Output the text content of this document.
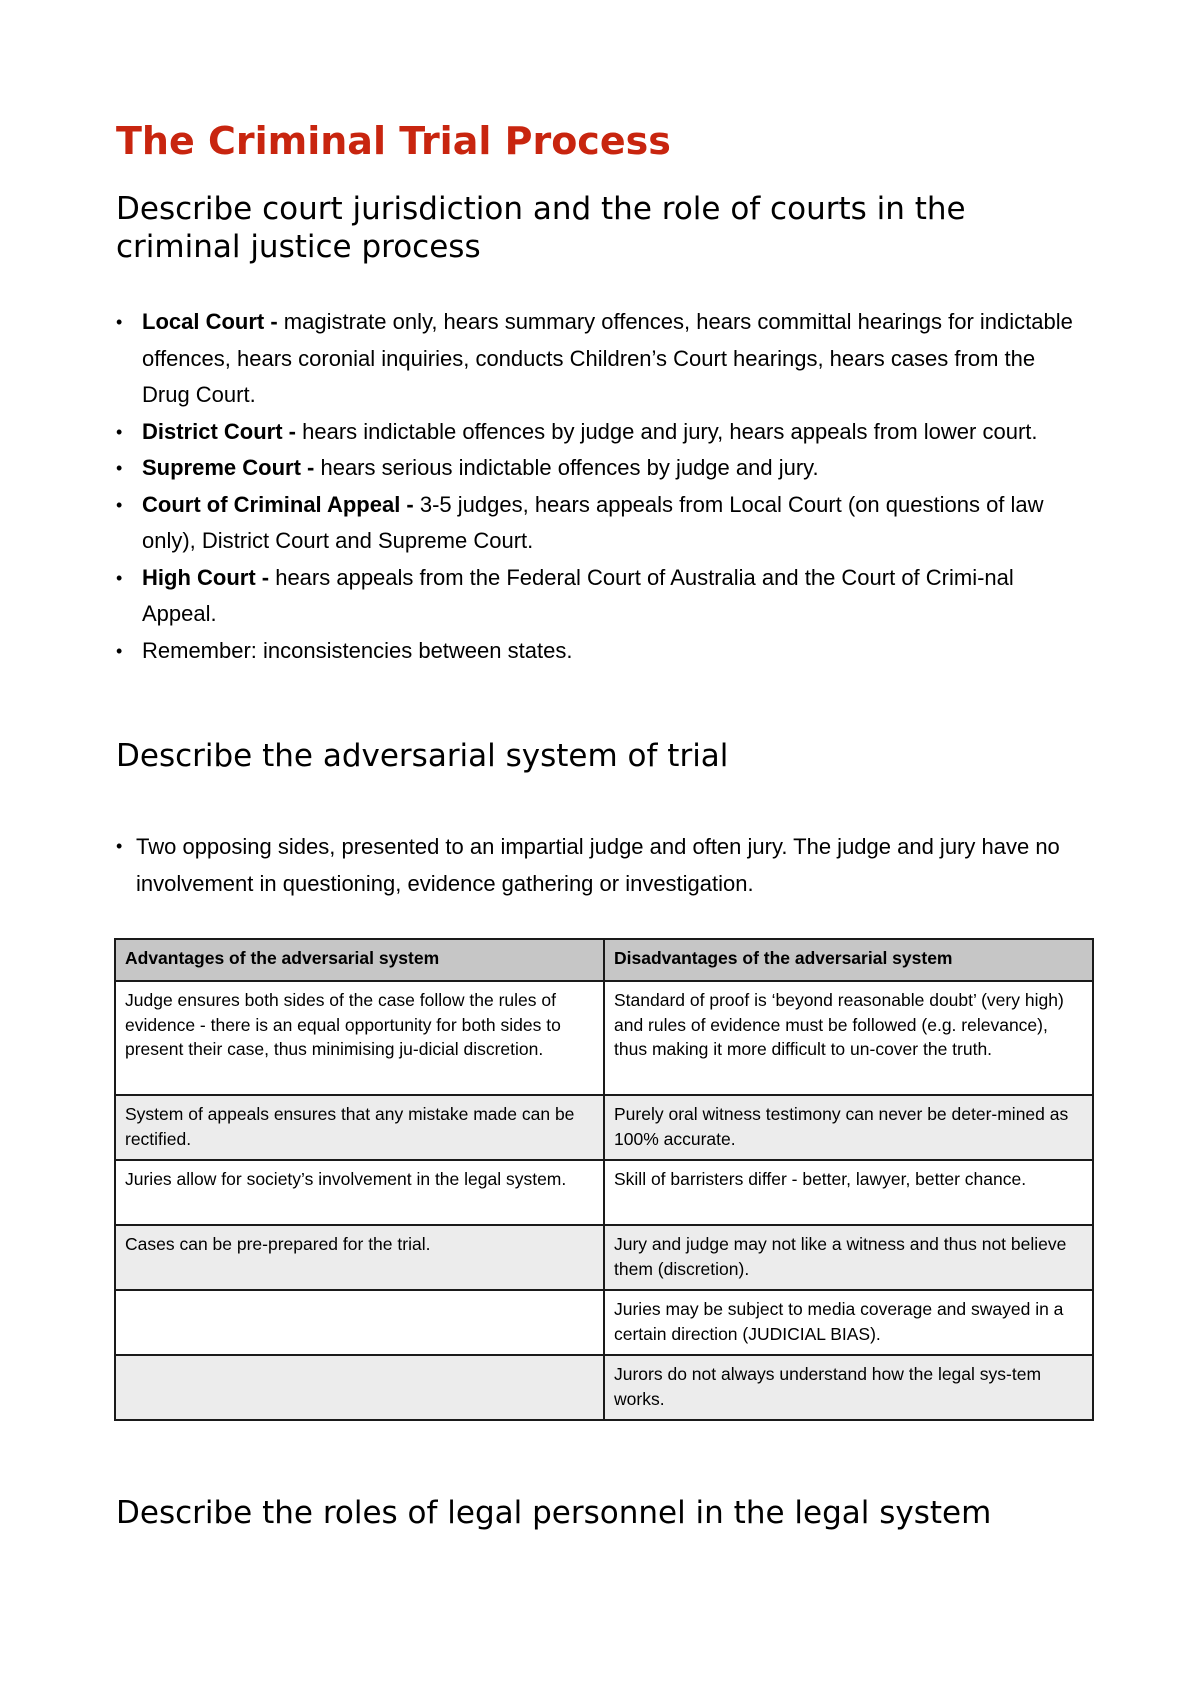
The Criminal Trial Process
Describe court jurisdiction and the role of courts in the criminal justice process
• Local Court - magistrate only, hears summary offences, hears committal hearings for indictable offences, hears coronial inquiries, conducts Children’s Court hearings, hears cases from the Drug Court.
• District Court - hears indictable offences by judge and jury, hears appeals from lower court.
• Supreme Court - hears serious indictable offences by judge and jury.
• Court of Criminal Appeal - 3-5 judges, hears appeals from Local Court (on questions of law only), District Court and Supreme Court.
• High Court - hears appeals from the Federal Court of Australia and the Court of Crimi-nal Appeal.
• Remember: inconsistencies between states.
Describe the adversarial system of trial
• Two opposing sides, presented to an impartial judge and often jury. The judge and jury have no involvement in questioning, evidence gathering or investigation.
Advantages of the adversarial system	Disadvantages of the adversarial system
Judge ensures both sides of the case follow the rules of evidence - there is an equal opportunity for both sides to present their case, thus minimising ju-dicial discretion.	Standard of proof is ‘beyond reasonable doubt’ (very high) and rules of evidence must be followed (e.g. relevance), thus making it more difficult to un-cover the truth.
System of appeals ensures that any mistake made can be rectified.	Purely oral witness testimony can never be deter-mined as 100% accurate.
Juries allow for society’s involvement in the legal system.	Skill of barristers differ - better, lawyer, better chance.
Cases can be pre-prepared for the trial.	Jury and judge may not like a witness and thus not believe them (discretion).
	Juries may be subject to media coverage and swayed in a certain direction (JUDICIAL BIAS).
	Jurors do not always understand how the legal sys-tem works.
Describe the roles of legal personnel in the legal system
